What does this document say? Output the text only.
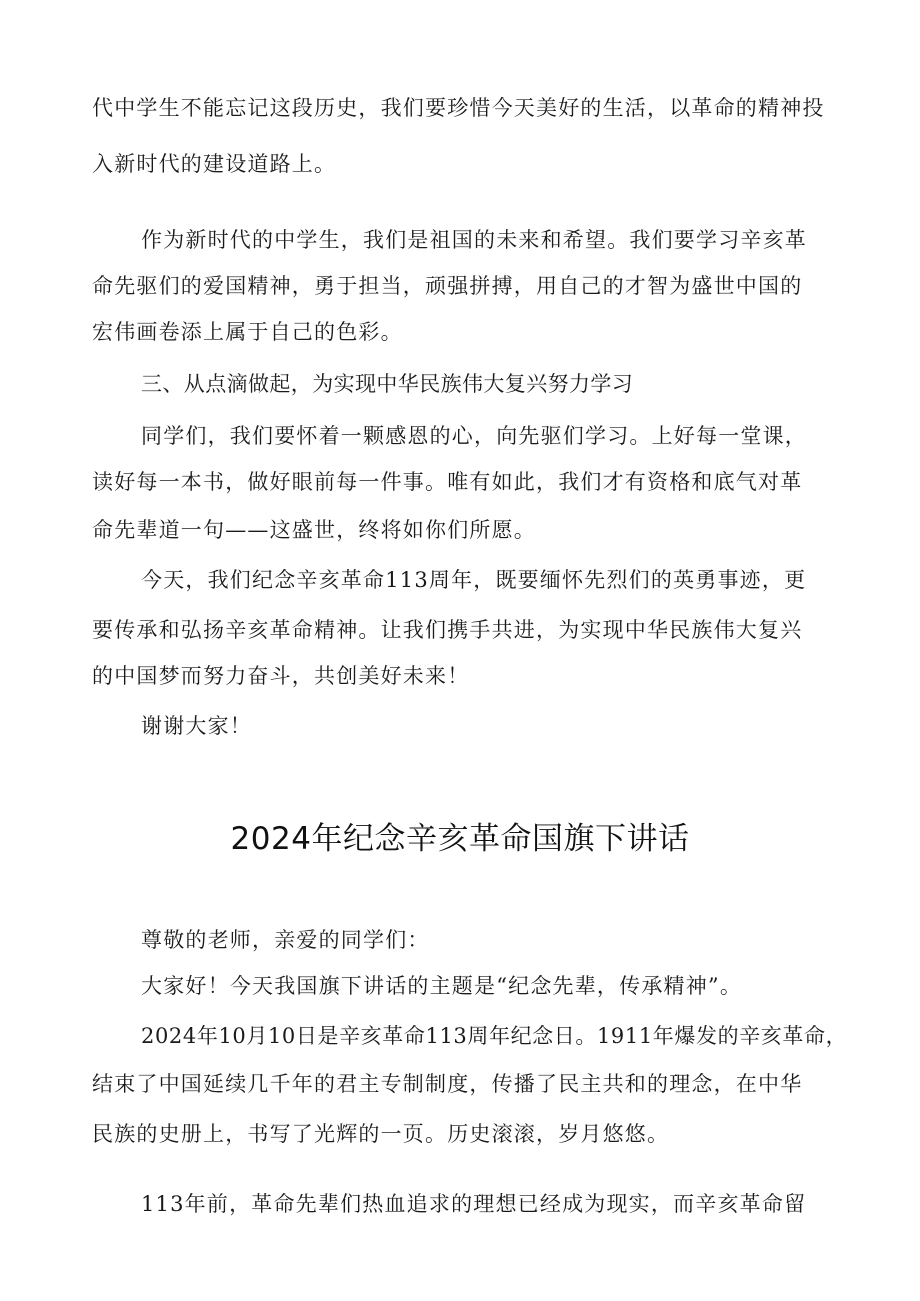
代中学生不能忘记这段历史，我们要珍惜今天美好的生活，以革命的精神投
入新时代的建设道路上。
作为新时代的中学生，我们是祖国的未来和希望。我们要学习辛亥革
命先驱们的爱国精神，勇于担当，顽强拼搏，用自己的才智为盛世中国的
宏伟画卷添上属于自己的色彩。
三、从点滴做起，为实现中华民族伟大复兴努力学习
同学们，我们要怀着一颗感恩的心，向先驱们学习。上好每一堂课，
读好每一本书，做好眼前每一件事。唯有如此，我们才有资格和底气对革
命先辈道一句——这盛世，终将如你们所愿。
今天，我们纪念辛亥革命113周年，既要缅怀先烈们的英勇事迹，更
要传承和弘扬辛亥革命精神。让我们携手共进，为实现中华民族伟大复兴
的中国梦而努力奋斗，共创美好未来！
谢谢大家！
2024年纪念辛亥革命国旗下讲话
尊敬的老师，亲爱的同学们：
大家好！今天我国旗下讲话的主题是“纪念先辈，传承精神”。
2024年10月10日是辛亥革命113周年纪念日。1911年爆发的辛亥革命，
结束了中国延续几千年的君主专制制度，传播了民主共和的理念，在中华
民族的史册上，书写了光辉的一页。历史滚滚，岁月悠悠。
113年前，革命先辈们热血追求的理想已经成为现实，而辛亥革命留
